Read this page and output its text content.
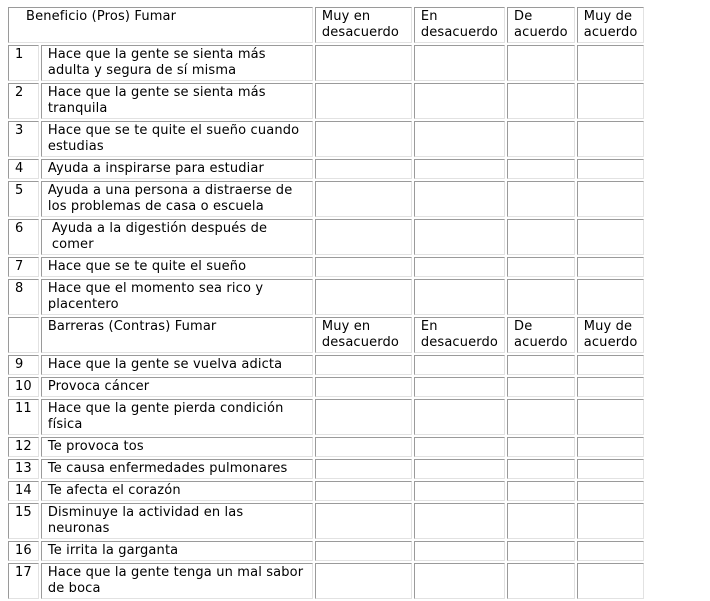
Beneficio (Pros) Fumar		Muy en desacuerdo	En desacuerdo	De acuerdo	Muy de acuerdo
1	Hace que la gente se sienta más adulta y segura de sí misma				
2	Hace que la gente se sienta más tranquila				
3	Hace que se te quite el sueño cuando estudias				
4	Ayuda a inspirarse para estudiar				
5	Ayuda a una persona a distraerse de los problemas de casa o escuela				
6	Ayuda a la digestión después de comer				
7	Hace que se te quite el sueño				
8	Hace que el momento sea rico y placentero				
	Barreras (Contras) Fumar	Muy en desacuerdo	En desacuerdo	De acuerdo	Muy de acuerdo
9	Hace que la gente se vuelva adicta				
10	Provoca cáncer				
11	Hace que la gente pierda condición física				
12	Te provoca tos				
13	Te causa enfermedades pulmonares				
14	Te afecta el corazón				
15	Disminuye la actividad en las neuronas				
16	Te irrita la garganta				
17	Hace que la gente tenga un mal sabor de boca				
